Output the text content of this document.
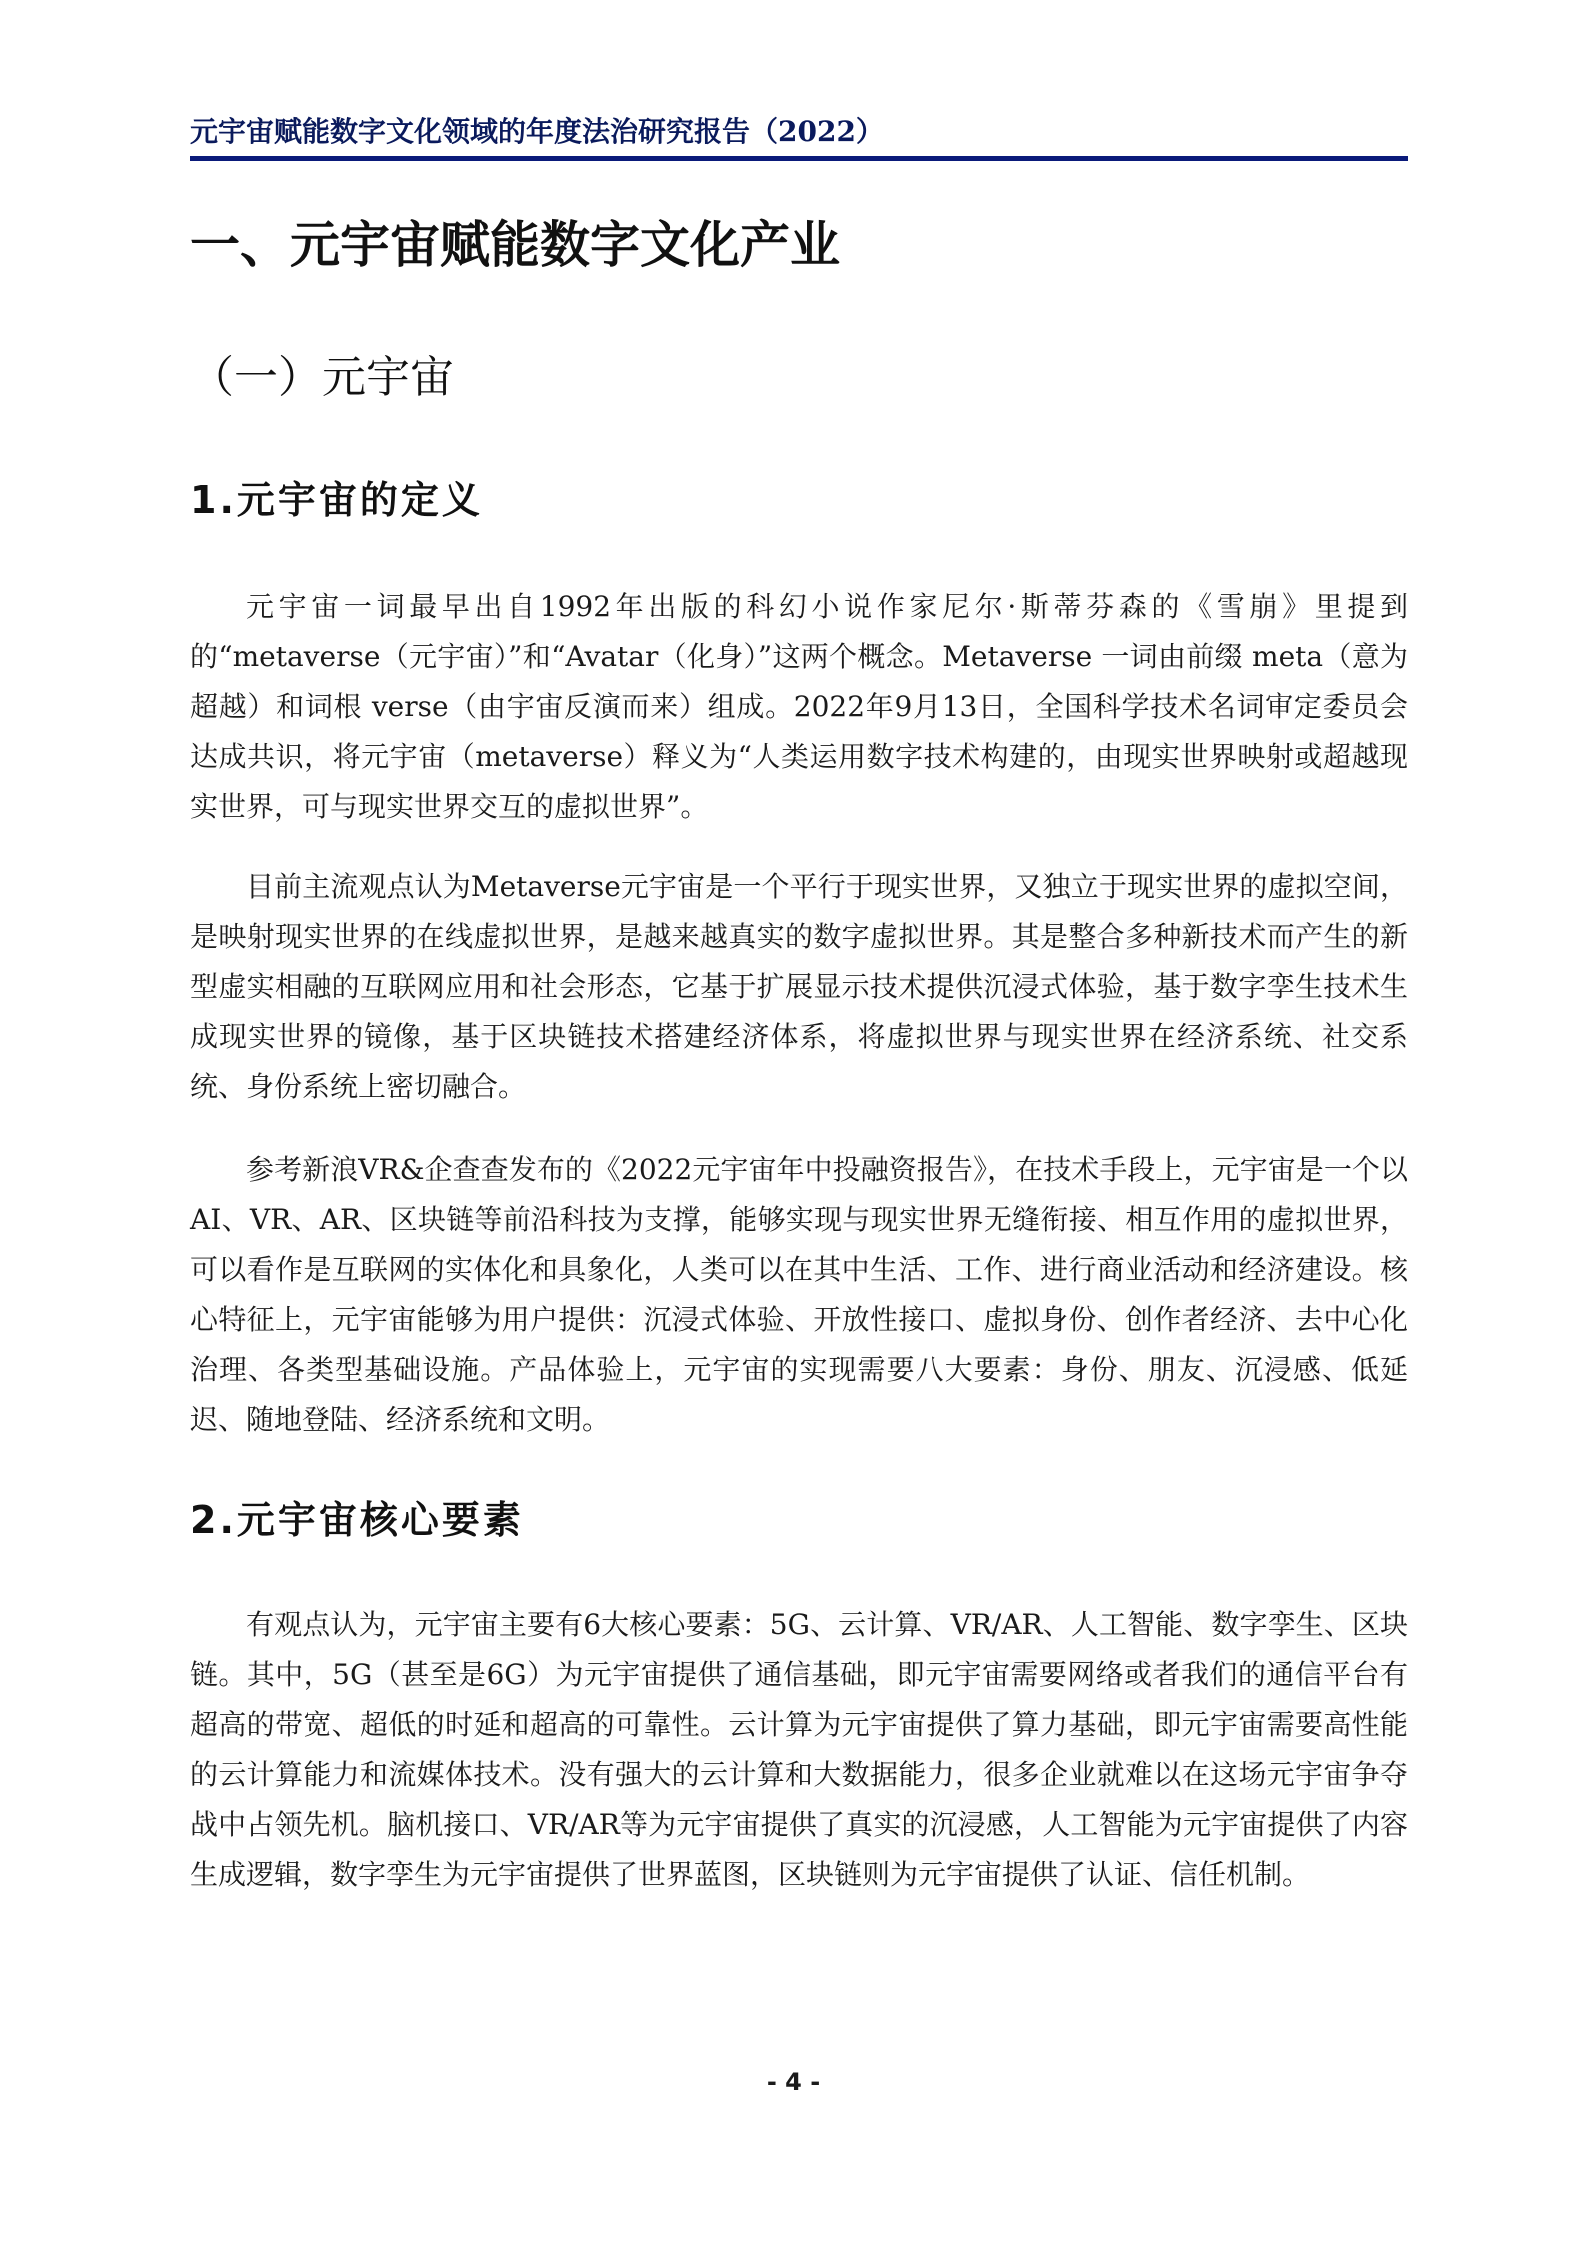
元宇宙赋能数字文化领域的年度法治研究报告（2022）
一、元宇宙赋能数字文化产业
（一）元宇宙
1.元宇宙的定义

元宇宙一词最早出自1992年出版的科幻小说作家尼尔·斯蒂芬森的《雪崩》里提到的“metaverse（元宇宙）”和“Avatar（化身）”这两个概念。Metaverse 一词由前缀 meta（意为超越）和词根 verse（由宇宙反演而来）组成。2022年9月13日，全国科学技术名词审定委员会达成共识，将元宇宙（metaverse）释义为“人类运用数字技术构建的，由现实世界映射或超越现实世界，可与现实世界交互的虚拟世界”。

目前主流观点认为Metaverse元宇宙是一个平行于现实世界，又独立于现实世界的虚拟空间，是映射现实世界的在线虚拟世界，是越来越真实的数字虚拟世界。其是整合多种新技术而产生的新型虚实相融的互联网应用和社会形态，它基于扩展显示技术提供沉浸式体验，基于数字孪生技术生成现实世界的镜像，基于区块链技术搭建经济体系，将虚拟世界与现实世界在经济系统、社交系统、身份系统上密切融合。

参考新浪VR&企查查发布的《2022元宇宙年中投融资报告》，在技术手段上，元宇宙是一个以AI、VR、AR、区块链等前沿科技为支撑，能够实现与现实世界无缝衔接、相互作用的虚拟世界，可以看作是互联网的实体化和具象化，人类可以在其中生活、工作、进行商业活动和经济建设。核心特征上，元宇宙能够为用户提供：沉浸式体验、开放性接口、虚拟身份、创作者经济、去中心化治理、各类型基础设施。产品体验上，元宇宙的实现需要八大要素：身份、朋友、沉浸感、低延迟、随地登陆、经济系统和文明。

2.元宇宙核心要素

有观点认为，元宇宙主要有6大核心要素：5G、云计算、VR/AR、人工智能、数字孪生、区块链。其中，5G（甚至是6G）为元宇宙提供了通信基础，即元宇宙需要网络或者我们的通信平台有超高的带宽、超低的时延和超高的可靠性。云计算为元宇宙提供了算力基础，即元宇宙需要高性能的云计算能力和流媒体技术。没有强大的云计算和大数据能力，很多企业就难以在这场元宇宙争夺战中占领先机。脑机接口、VR/AR等为元宇宙提供了真实的沉浸感，人工智能为元宇宙提供了内容生成逻辑，数字孪生为元宇宙提供了世界蓝图，区块链则为元宇宙提供了认证、信任机制。

- 4 -
